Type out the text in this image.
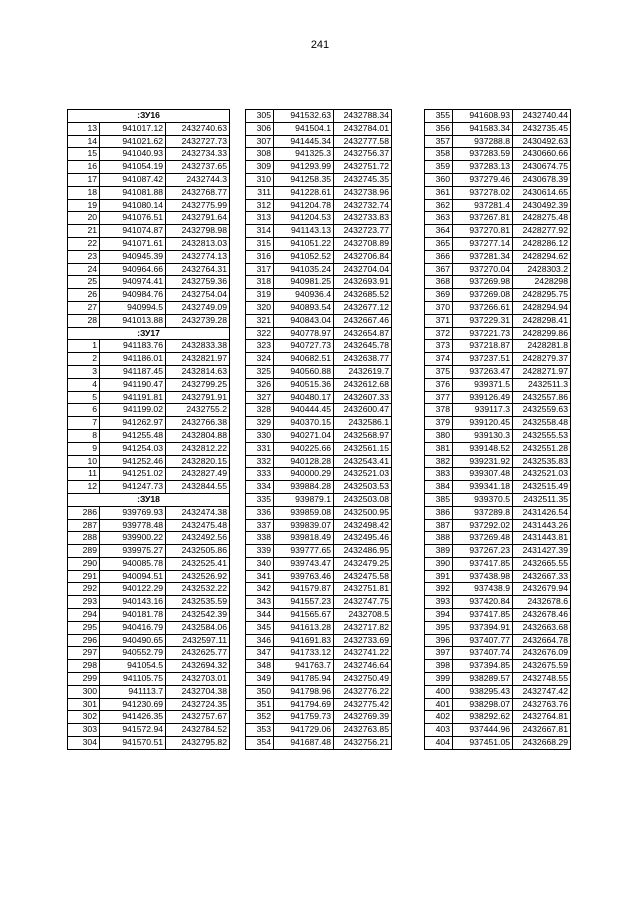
241
:ЗУ16		
13	941017.12	2432740.63
14	941021.62	2432727.73
15	941040.93	2432734.33
16	941054.19	2432737.65
17	941087.42	2432744.3
18	941081.88	2432768.77
19	941080.14	2432775.99
20	941076.51	2432791.64
21	941074.87	2432798.98
22	941071.61	2432813.03
23	940945.39	2432774.13
24	940964.66	2432764.31
25	940974.41	2432759.36
26	940984.76	2432754.04
27	940994.5	2432749.09
28	941013.88	2432739.28
:ЗУ17		
1	941183.76	2432833.38
2	941186.01	2432821.97
3	941187.45	2432814.63
4	941190.47	2432799.25
5	941191.81	2432791.91
6	941199.02	2432755.2
7	941262.97	2432766.38
8	941255.48	2432804.88
9	941254.03	2432812.22
10	941252.46	2432820.15
11	941251.02	2432827.49
12	941247.73	2432844.55
:ЗУ18		
286	939769.93	2432474.38
287	939778.48	2432475.48
288	939900.22	2432492.56
289	939975.27	2432505.86
290	940085.78	2432525.41
291	940094.51	2432526.92
292	940122.29	2432532.22
293	940143.16	2432535.59
294	940181.78	2432542.39
295	940416.79	2432584.06
296	940490.65	2432597.11
297	940552.79	2432625.77
298	941054.5	2432694.32
299	941105.75	2432703.01
300	941113.7	2432704.38
301	941230.69	2432724.35
302	941426.35	2432757.67
303	941572.94	2432784.52
304	941570.51	2432795.82
305	941532.63	2432788.34
306	941504.1	2432784.01
307	941445.34	2432777.58
308	941325.3	2432756.37
309	941293.99	2432751.72
310	941258.35	2432745.35
311	941228.61	2432738.96
312	941204.78	2432732.74
313	941204.53	2432733.83
314	941143.13	2432723.77
315	941051.22	2432708.89
316	941052.52	2432706.84
317	941035.24	2432704.04
318	940981.25	2432693.91
319	940936.4	2432685.52
320	940893.54	2432677.12
321	940843.04	2432667.46
322	940778.97	2432654.87
323	940727.73	2432645.78
324	940682.51	2432638.77
325	940560.88	2432619.7
326	940515.36	2432612.68
327	940480.17	2432607.33
328	940444.45	2432600.47
329	940370.15	2432586.1
330	940271.04	2432568.97
331	940225.66	2432561.15
332	940128.28	2432543.41
333	940000.29	2432521.03
334	939884.28	2432503.53
335	939879.1	2432503.08
336	939859.08	2432500.95
337	939839.07	2432498.42
338	939818.49	2432495.46
339	939777.65	2432486.95
340	939743.47	2432479.25
341	939763.46	2432475.58
342	941579.87	2432751.81
343	941557.23	2432747.75
344	941565.67	2432708.5
345	941613.28	2432717.82
346	941691.83	2432733.69
347	941733.12	2432741.22
348	941763.7	2432746.64
349	941785.94	2432750.49
350	941798.96	2432776.22
351	941794.69	2432775.42
352	941759.73	2432769.39
353	941729.06	2432763.85
354	941687.48	2432756.21
355	941608.93	2432740.44
356	941583.34	2432735.45
357	937288.8	2430492.63
358	937283.59	2430660.66
359	937283.13	2430674.75
360	937279.46	2430678.39
361	937278.02	2430614.65
362	937281.4	2430492.39
363	937267.81	2428275.48
364	937270.81	2428277.92
365	937277.14	2428286.12
366	937281.34	2428294.62
367	937270.04	2428303.2
368	937269.98	2428298
369	937269.08	2428295.75
370	937266.61	2428294.94
371	937229.31	2428298.41
372	937221.73	2428299.86
373	937218.87	2428281.8
374	937237.51	2428279.37
375	937263.47	2428271.97
376	939371.5	2432511.3
377	939126.49	2432557.86
378	939117.3	2432559.63
379	939120.45	2432558.48
380	939130.3	2432555.53
381	939148.52	2432551.28
382	939231.92	2432535.83
383	939307.48	2432521.03
384	939341.18	2432515.49
385	939370.5	2432511.35
386	937289.8	2431426.54
387	937292.02	2431443.26
388	937269.48	2431443.81
389	937267.23	2431427.39
390	937417.85	2432665.55
391	937438.98	2432667.33
392	937438.9	2432679.94
393	937420.84	2432678.6
394	937417.85	2432678.46
395	937394.91	2432663.68
396	937407.77	2432664.78
397	937407.74	2432676.09
398	937394.85	2432675.59
399	938289.57	2432748.55
400	938295.43	2432747.42
401	938298.07	2432763.76
402	938292.62	2432764.81
403	937444.96	2432667.81
404	937451.05	2432668.29
